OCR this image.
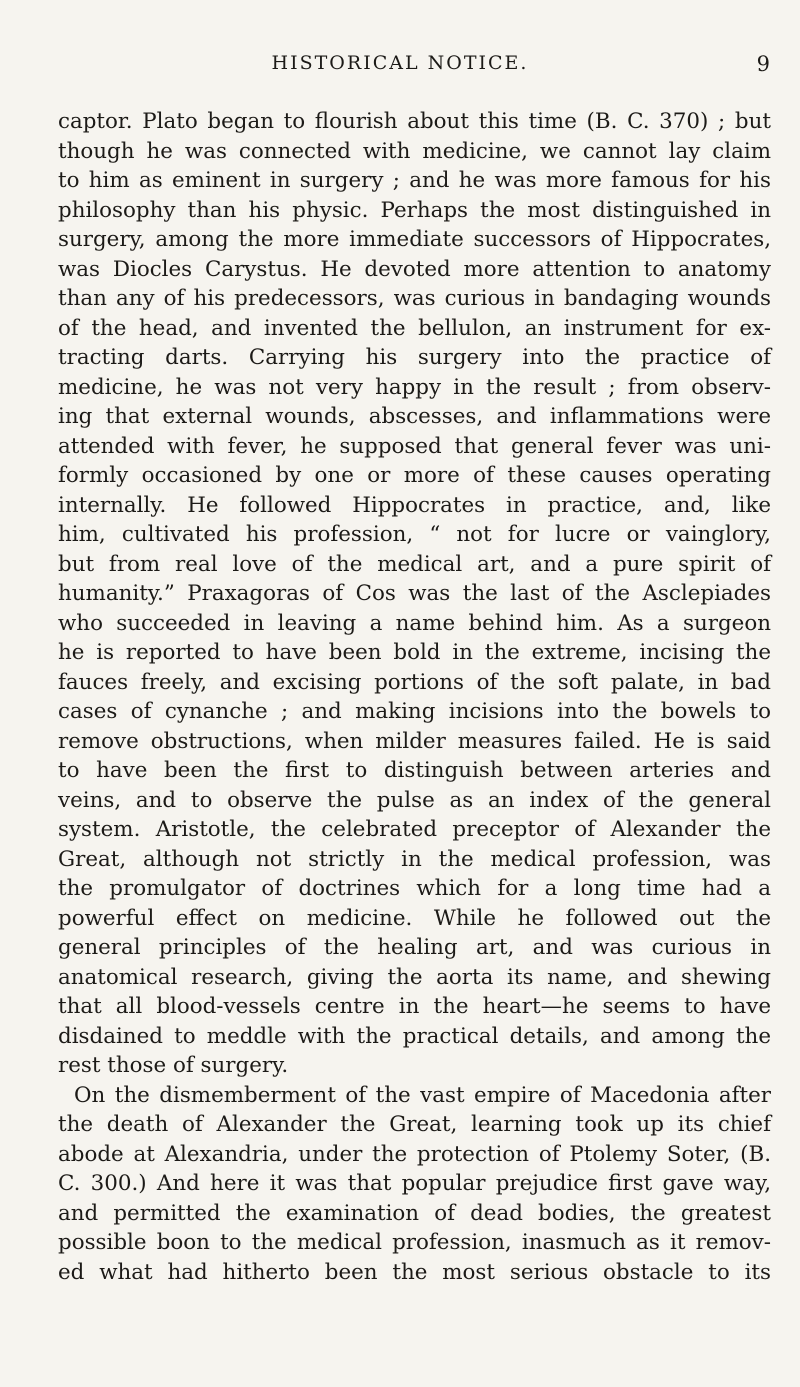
HISTORICAL NOTICE.	9
captor. Plato began to flourish about this time (B. C. 370) ; but
though he was connected with medicine, we cannot lay claim
to him as eminent in surgery ; and he was more famous for his
philosophy than his physic. Perhaps the most distinguished in
surgery, among the more immediate successors of Hippocrates,
was Diocles Carystus. He devoted more attention to anatomy
than any of his predecessors, was curious in bandaging wounds
of the head, and invented the bellulon, an instrument for ex-
tracting darts. Carrying his surgery into the practice of
medicine, he was not very happy in the result ; from observ-
ing that external wounds, abscesses, and inflammations were
attended with fever, he supposed that general fever was uni-
formly occasioned by one or more of these causes operating
internally. He followed Hippocrates in practice, and, like
him, cultivated his profession, “ not for lucre or vainglory,
but from real love of the medical art, and a pure spirit of
humanity.” Praxagoras of Cos was the last of the Asclepiades
who succeeded in leaving a name behind him. As a surgeon
he is reported to have been bold in the extreme, incising the
fauces freely, and excising portions of the soft palate, in bad
cases of cynanche ; and making incisions into the bowels to
remove obstructions, when milder measures failed. He is said
to have been the first to distinguish between arteries and
veins, and to observe the pulse as an index of the general
system. Aristotle, the celebrated preceptor of Alexander the
Great, although not strictly in the medical profession, was
the promulgator of doctrines which for a long time had a
powerful effect on medicine. While he followed out the
general principles of the healing art, and was curious in
anatomical research, giving the aorta its name, and shewing
that all blood-vessels centre in the heart—he seems to have
disdained to meddle with the practical details, and among the
rest those of surgery.
On the dismemberment of the vast empire of Macedonia after
the death of Alexander the Great, learning took up its chief
abode at Alexandria, under the protection of Ptolemy Soter, (B.
C. 300.) And here it was that popular prejudice first gave way,
and permitted the examination of dead bodies, the greatest
possible boon to the medical profession, inasmuch as it remov-
ed what had hitherto been the most serious obstacle to its
